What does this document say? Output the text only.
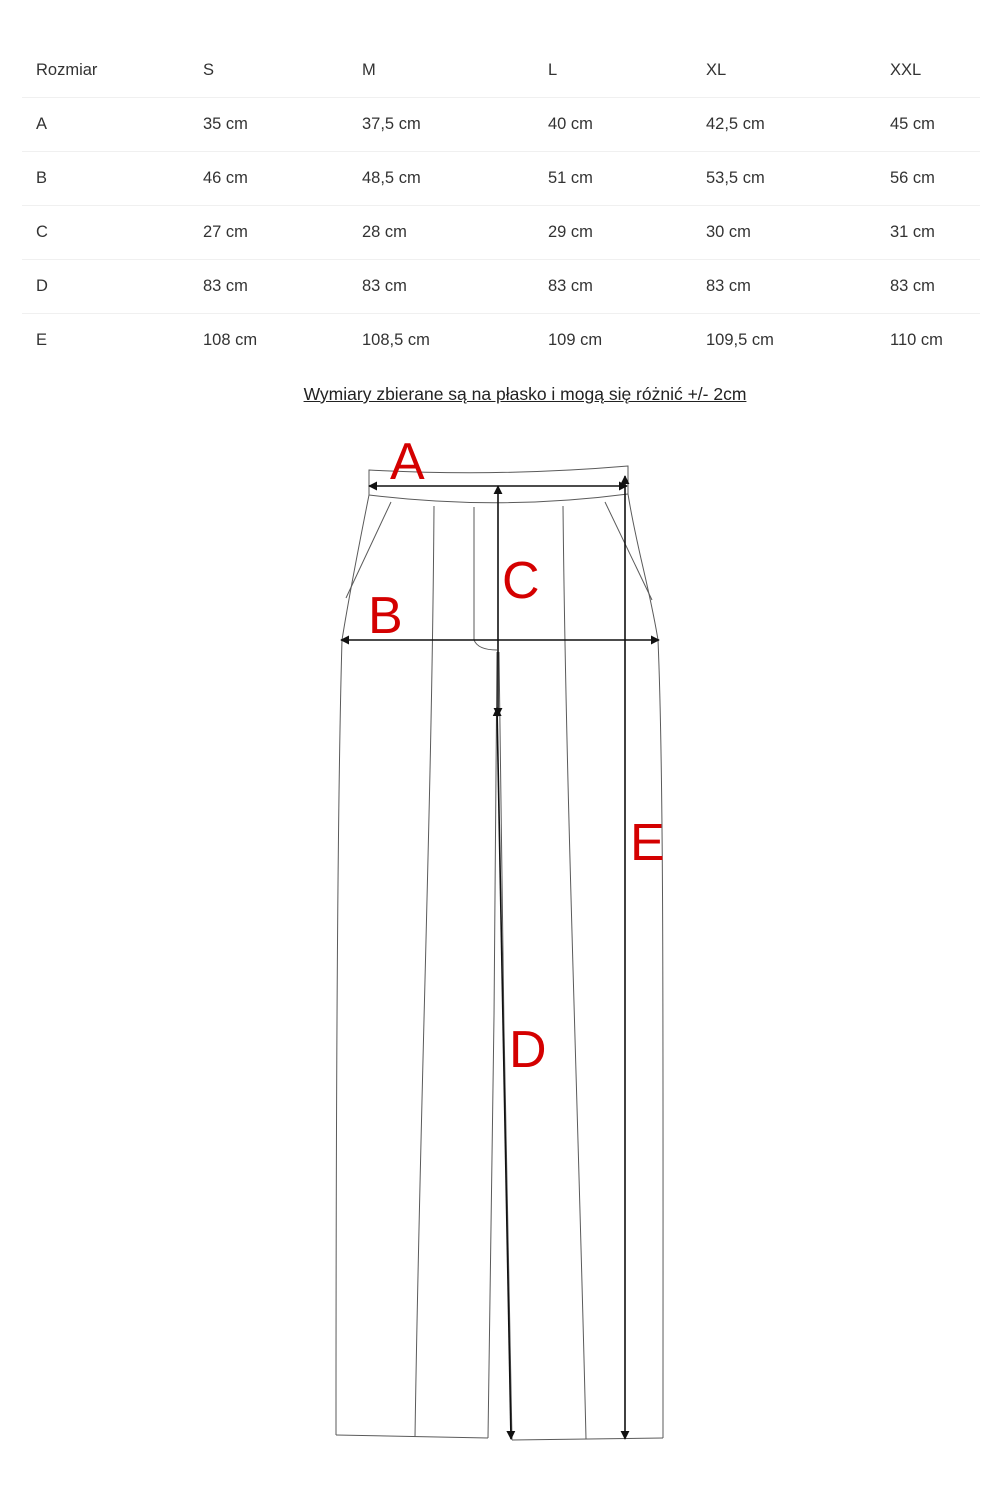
Rozmiar	S	M	L	XL	XXL
A	35 cm	37,5 cm	40 cm	42,5 cm	45 cm
B	46 cm	48,5 cm	51 cm	53,5 cm	56 cm
C	27 cm	28 cm	29 cm	30 cm	31 cm
D	83 cm	83 cm	83 cm	83 cm	83 cm
E	108 cm	108,5 cm	109 cm	109,5 cm	110 cm
Wymiary zbierane są na płasko i mogą się różnić +/- 2cm
A
B
C
D
E
